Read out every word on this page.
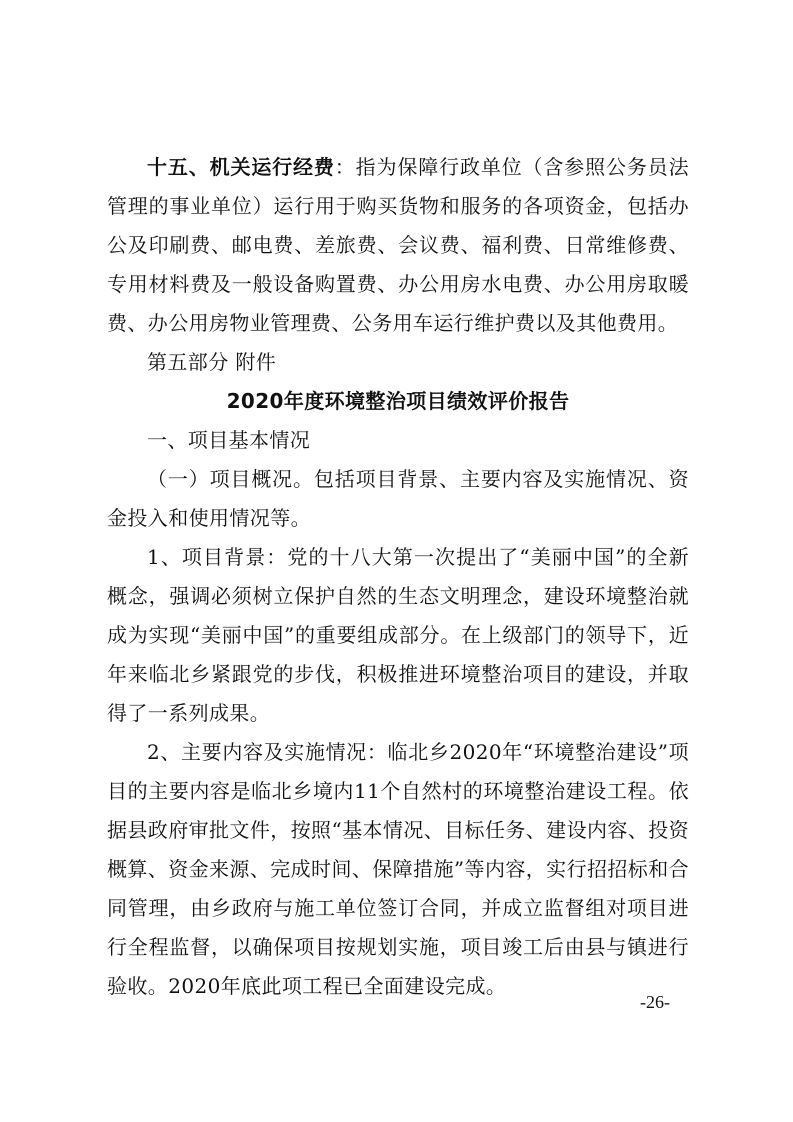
十五、机关运行经费：指为保障行政单位（含参照公务员法管理的事业单位）运行用于购买货物和服务的各项资金，包括办公及印刷费、邮电费、差旅费、会议费、福利费、日常维修费、专用材料费及一般设备购置费、办公用房水电费、办公用房取暖费、办公用房物业管理费、公务用车运行维护费以及其他费用。

第五部分 附件

2020年度环境整治项目绩效评价报告

一、项目基本情况

（一）项目概况。包括项目背景、主要内容及实施情况、资金投入和使用情况等。

1、项目背景：党的十八大第一次提出了“美丽中国”的全新概念，强调必须树立保护自然的生态文明理念，建设环境整治就成为实现“美丽中国”的重要组成部分。在上级部门的领导下，近年来临北乡紧跟党的步伐，积极推进环境整治项目的建设，并取得了一系列成果。

2、主要内容及实施情况：临北乡2020年“环境整治建设”项目的主要内容是临北乡境内11个自然村的环境整治建设工程。依据县政府审批文件，按照“基本情况、目标任务、建设内容、投资概算、资金来源、完成时间、保障措施”等内容，实行招招标和合同管理，由乡政府与施工单位签订合同，并成立监督组对项目进行全程监督，以确保项目按规划实施，项目竣工后由县与镇进行验收。2020年底此项工程已全面建设完成。

-26-
